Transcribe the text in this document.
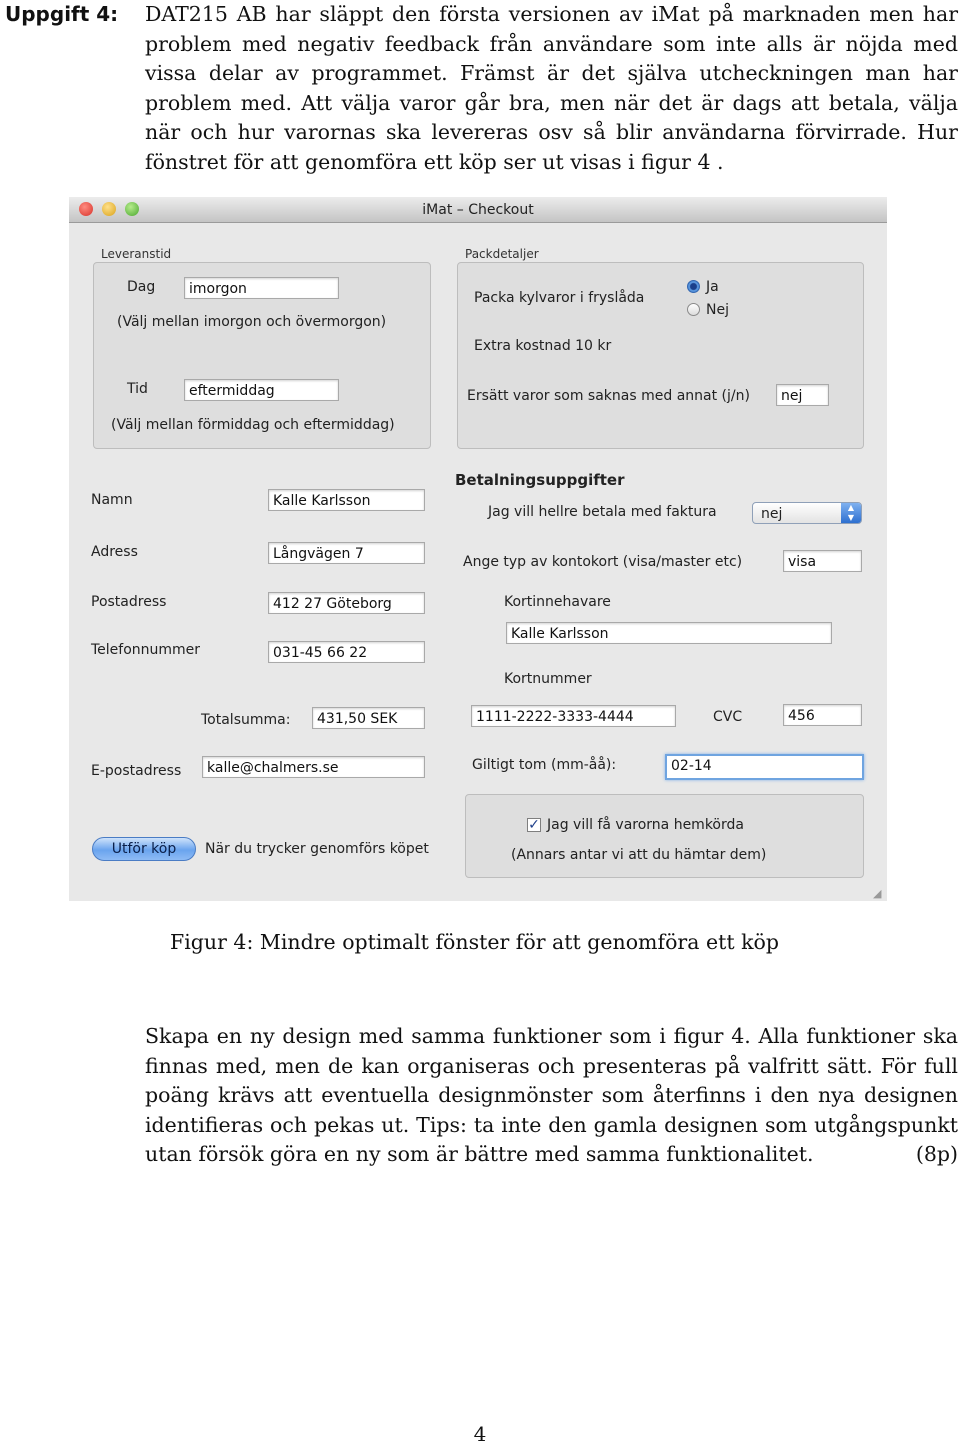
Uppgift 4: DAT215 AB har släppt den första versionen av iMat på marknaden men har problem med negativ feedback från användare som inte alls är nöjda med vissa delar av programmet. Främst är det själva utcheckningen man har problem med. Att välja varor går bra, men när det är dags att betala, välja när och hur varornas ska levereras osv så blir användarna förvirrade. Hur fönstret för att genomföra ett köp ser ut visas i figur 4 .
iMat – Checkout
Leveranstid
Dag	imorgon
(Välj mellan imorgon och övermorgon)
Tid	eftermiddag
(Välj mellan förmiddag och eftermiddag)
Packdetaljer
Packa kylvaror i fryslåda
Ja
Nej
Extra kostnad 10 kr
Ersätt varor som saknas med annat (j/n)	nej
Namn	Kalle Karlsson
Adress	Långvägen 7
Postadress	412 27 Göteborg
Telefonnummer	031-45 66 22
Totalsumma:	431,50 SEK
E-postadress	kalle@chalmers.se
Betalningsuppgifter
Jag vill hellre betala med faktura	nej	▲
▼
Ange typ av kontokort (visa/master etc)	visa
Kortinnehavare
Kalle Karlsson
Kortnummer
1111-2222-3333-4444	CVC	456
Giltigt tom (mm-åå):	02-14
✓ Jag vill få varorna hemkörda
(Annars antar vi att du hämtar dem)
Utför köp	När du trycker genomförs köpet
◢
Figur 4: Mindre optimalt fönster för att genomföra ett köp
Skapa en ny design med samma funktioner som i figur 4. Alla funktioner ska finnas med, men de kan organiseras och presenteras på valfritt sätt. För full poäng krävs att eventuella designmönster som återfinns i den nya designen identifieras och pekas ut. Tips: ta inte den gamla designen som utgångspunkt utan försök göra en ny som är bättre med samma funktionalitet.	(8p)
4
